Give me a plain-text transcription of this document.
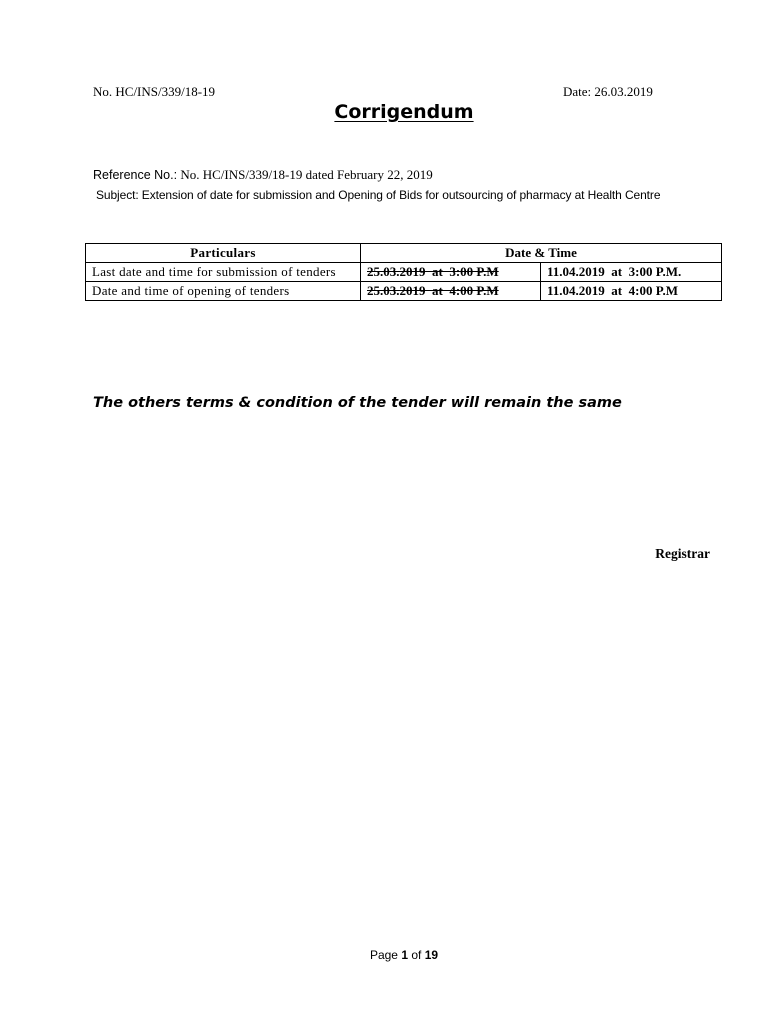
No. HC/INS/339/18-19	Date: 26.03.2019
Corrigendum
Reference No.: No. HC/INS/339/18-19 dated February 22, 2019
Subject: Extension of date for submission and Opening of Bids for outsourcing of pharmacy at Health Centre
Particulars	Date & Time	
Last date and time for submission of tenders	25.03.2019  at  3:00 P.M	11.04.2019  at  3:00 P.M.
Date and time of opening of tenders	25.03.2019  at  4:00 P.M	11.04.2019  at  4:00 P.M
The others terms & condition of the tender will remain the same
Registrar
Page 1 of 19
